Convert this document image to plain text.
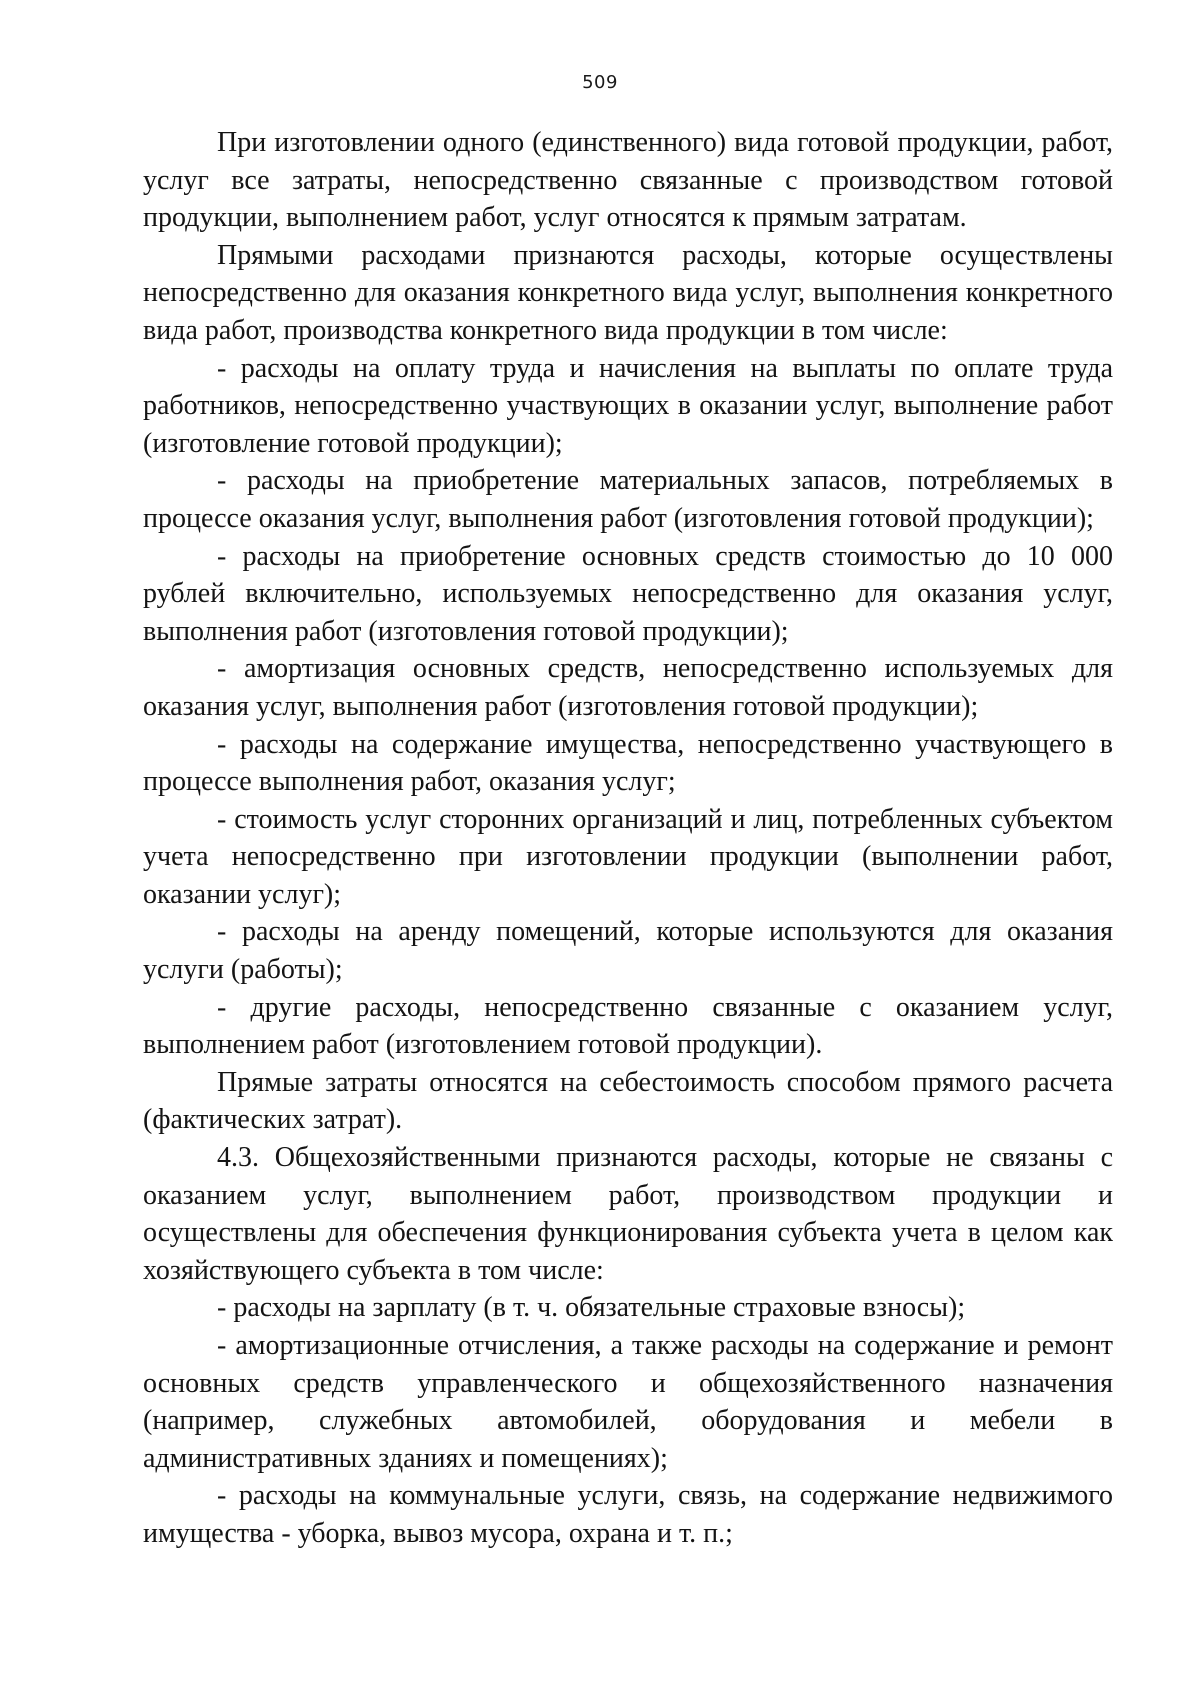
509

При изготовлении одного (единственного) вида готовой продукции, работ, услуг все затраты, непосредственно связанные с производством готовой продукции, выполнением работ, услуг относятся к прямым затратам.

Прямыми расходами признаются расходы, которые осуществлены непосредственно для оказания конкретного вида услуг, выполнения конкретного вида работ, производства конкретного вида продукции в том числе:

- расходы на оплату труда и начисления на выплаты по оплате труда работников, непосредственно участвующих в оказании услуг, выполнение работ (изготовление готовой продукции);

- расходы на приобретение материальных запасов, потребляемых в процессе оказания услуг, выполнения работ (изготовления готовой продукции);

- расходы на приобретение основных средств стоимостью до 10 000 рублей включительно, используемых непосредственно для оказания услуг, выполнения работ (изготовления готовой продукции);

- амортизация основных средств, непосредственно используемых для оказания услуг, выполнения работ (изготовления готовой продукции);

- расходы на содержание имущества, непосредственно участвующего в процессе выполнения работ, оказания услуг;

- стоимость услуг сторонних организаций и лиц, потребленных субъектом учета непосредственно при изготовлении продукции (выполнении работ, оказании услуг);

- расходы на аренду помещений, которые используются для оказания услуги (работы);

- другие расходы, непосредственно связанные с оказанием услуг, выполнением работ (изготовлением готовой продукции).

Прямые затраты относятся на себестоимость способом прямого расчета (фактических затрат).

4.3. Общехозяйственными признаются расходы, которые не связаны с оказанием услуг, выполнением работ, производством продукции и осуществлены для обеспечения функционирования субъекта учета в целом как хозяйствующего субъекта в том числе:

- расходы на зарплату (в т. ч. обязательные страховые взносы);

- амортизационные отчисления, а также расходы на содержание и ремонт основных средств управленческого и общехозяйственного назначения (например, служебных автомобилей, оборудования и мебели в административных зданиях и помещениях);

- расходы на коммунальные услуги, связь, на содержание недвижимого имущества - уборка, вывоз мусора, охрана и т. п.;
